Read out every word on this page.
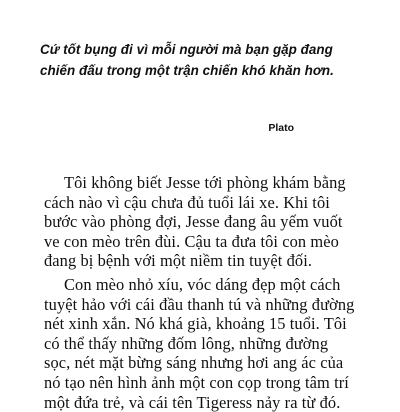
Cứ tốt bụng đi vì mỗi người mà bạn gặp đang
chiến đấu trong một trận chiến khó khăn hơn.
Plato

Tôi không biết Jesse tới phòng khám bằng
cách nào vì cậu chưa đủ tuổi lái xe. Khi tôi
bước vào phòng đợi, Jesse đang âu yếm vuốt
ve con mèo trên đùi. Cậu ta đưa tôi con mèo
đang bị bệnh với một niềm tin tuyệt đối.

Con mèo nhỏ xíu, vóc dáng đẹp một cách
tuyệt hảo với cái đầu thanh tú và những đường
nét xinh xắn. Nó khá già, khoảng 15 tuổi. Tôi
có thể thấy những đốm lông, những đường
sọc, nét mặt bừng sáng nhưng hơi ang ác của
nó tạo nên hình ảnh một con cọp trong tâm trí
một đứa trẻ, và cái tên Tigeress nảy ra từ đó.
